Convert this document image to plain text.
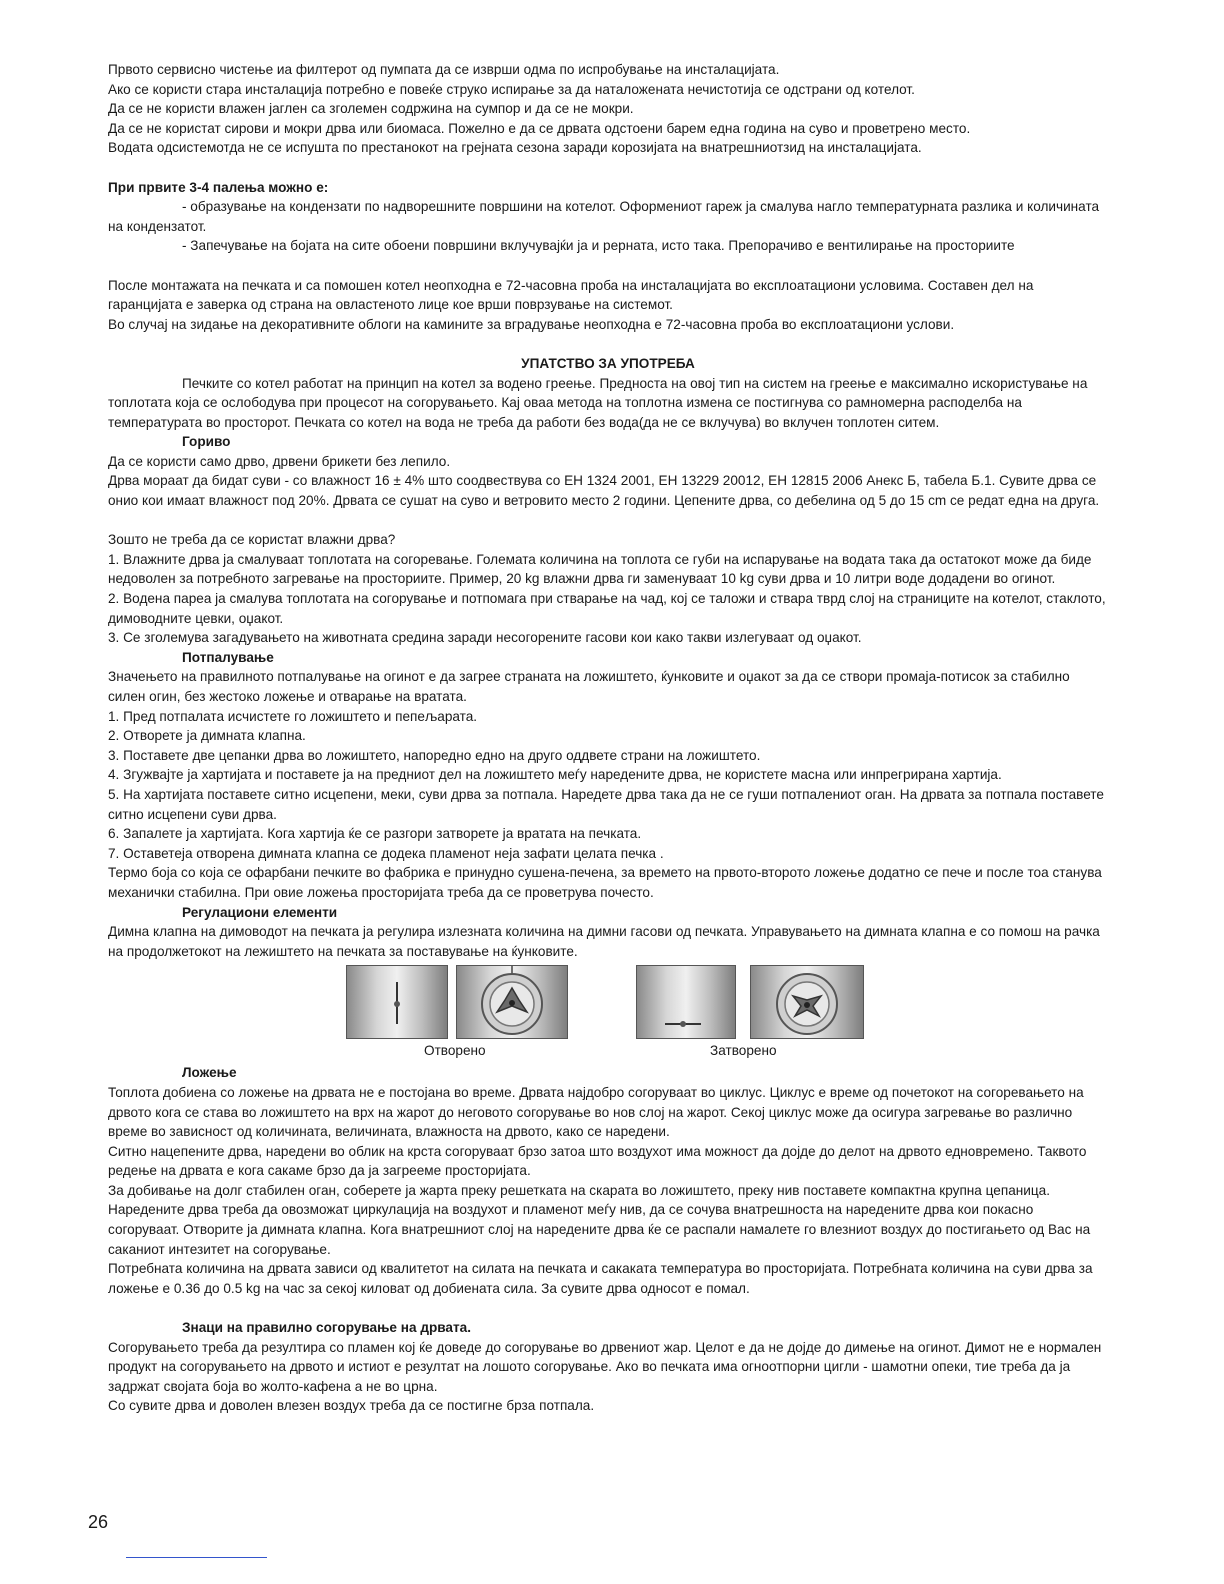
Првото сервисно чистење иа филтерот од пумпата да се изврши одма по испробување на инсталацијата.

Ако се користи стара инсталација потребно е повеќе струко испирање за да наталожената нечистотија се одстрани од котелот.

Да се не користи влажен јаглен са зголемен содржина на сумпор и да се не мокри.

Да се не користат сирови и мокри дрва или биомаса. Пожелно е да се дрвата одстоени барем една година на суво и проветрено место.

Водата одсистемотда не се испушта по престанокот на грејната сезона заради корозијата на внатрешниотзид на инсталацијата.

При првите 3-4 палења можно е:

- образување на кондензати по надворешните површини на котелот. Оформениот гареж ја смалува нагло температурната разлика и количината на кондензатот.

- Запечување на бојата на сите обоени површини вклучувајќи ја и рерната, исто така. Препорачиво е вентилирање на просториите

После монтажата на печката и са помошен котел неопходна е 72-часовна проба на инсталацијата во експлоатациони условима. Составен дел на гаранцијата е заверка од страна на овластеното лице кое врши поврзување на системот.

Во случај на зидање на декоративните облоги на камините за вградување неопходна е 72-часовна проба во експлоатациони услови.

УПАТСТВО ЗА УПОТРЕБА

Печките со котел работат на принцип на котел за водено греење. Предноста на овој тип на систем на греење е максимално искористување на топлотата која се ослободува при процесот на согорувањето. Кај оваа метода на топлотна измена се постигнува со рамномерна расподелба на температурата во просторот. Печката со котел на вода не треба да работи без вода(да не се вклучува) во вклучен топлотен ситем.

Гориво

Да се користи само дрво, дрвени брикети без лепило.

Дрва мораат да бидат суви - со влажност 16 ± 4% што соодвествува со ЕН 1324 2001, ЕН 13229 20012, ЕН 12815 2006 Анекс Б, табела Б.1. Сувите дрва се онио кои имаат влажност под 20%. Дрвата се сушат на суво и ветровито место 2 години. Цепените дрва, со дебелина од 5 до 15 cm се редат една на друга.

Зошто не треба да се користат влажни дрва?

1. Влажните дрва ја смалуваат топлотата на согоревање. Големата количина на топлота се губи на испарување на водата така да остатокот може да биде недоволен за потребното загревање на просториите. Пример, 20 kg влажни дрва ги заменуваат 10 kg суви дрва и 10 литри воде додадени во огинот.

2. Водена пареа ја смалува топлотата на согорување и потпомага при стварање на чад, кој се таложи и ствара тврд слој на страниците на котелот, стаклото, димоводните цевки, оџакот.

3. Се зголемува загадувањето на животната средина заради несогорените гасови кои како такви излегуваат од оџакот.

Потпалување

Значењето на правилното потпалување на огинот е да загрее страната на ложиштето, ќунковите и оџакот за да се створи промаја-потисок за стабилно силен огин, без жестоко ложење и отварање на вратата.

1. Пред потпалата исчистете го ложиштето и пепељарата.

2. Отворете ја димната клапна.

3. Поставете две цепанки дрва во ложиштето, напоредно едно на друго оддвете страни на ложиштето.

4. Згужвајте ја хартијата и поставете ја на предниот дел на ложиштето меѓу наредените дрва, не користете масна или инпрегрирана хартија.

5. На хартијата поставете ситно исцепени, меки, суви дрва за потпала. Наредете дрва така да не се гуши потпалениот оган. На дрвата за потпала поставете ситно исцепени суви дрва.

6. Запалете ја хартијата. Кога хартија ќе се разгори затворете ја вратата на печката.

7. Оставетеја отворена димната клапна се додека пламенот неја зафати целата печка .

Термо боја со која се офарбани печките во фабрика е принудно сушена-печена, за времето на првото-второто ложење додатно се пече и после тоа станува механички стабилна. При овие ложења просторијата треба да се проветрува почесто.

Регулациони елементи

Димна клапна на димоводот на печката ја регулира излезната количина на димни гасови од печката. Управувањето на димната клапна е со помош на рачка на продолжетокот на лежиштето на печката за поставување на ќунковите.

Отворено	Затворено

Ложење

Топлота добиена со ложење на дрвата не е постојана во време. Дрвата најдобро согоруваат во циклус. Циклус е време од почетокот на согоревањето на дрвото кога се става во ложиштето на врх на жарот до неговото согорување во нов слој на жарот. Секој циклус може да осигура загревање во различно време во зависност од количината, величината, влажноста на дрвото, како се наредени.

Ситно нацепените дрва, наредени во облик на крста согоруваат брзо затоа што воздухот има можност да дојде до делот на дрвото едновремено. Таквото редење на дрвата е кога сакаме брзо да ја загрееме просторијата.

За добивање на долг стабилен оган, соберете ја жарта преку решетката на скарата во ложиштето, преку нив поставете компактна крупна цепаница. Наредените дрва треба да овозможат циркулација на воздухот и пламенот меѓу нив, да се сочува внатрешноста на наредените дрва кои покасно согоруваат. Отворите ја димната клапна. Кога внатрешниот слој на наредените дрва ќе се распали намалете го влезниот воздух до постигањето од Вас на саканиот интезитет на согорување.

Потребната количина на дрвата зависи од квалитетот на силата на печката и сакаката температура во просторијата. Потребната количина на суви дрва за ложење е 0.36 до 0.5 kg на час за секој киловат од добиената сила. За сувите дрва односот е помал.

Знаци на правилно согорување на дрвата.

Согорувањето треба да резултира со пламен кој ќе доведе до согорување во дрвениот жар. Целот е да не дојде до димење на огинот. Димот не е нормален продукт на согорувањето на дрвото и истиот е резултат на лошото согорување. Ако во печката има огноотпорни цигли - шамотни опеки, тие треба да ја задржат својата боја во жолто-кафена а не во црна.

Со сувите дрва и доволен влезен воздух треба да се постигне брза потпала.

26
